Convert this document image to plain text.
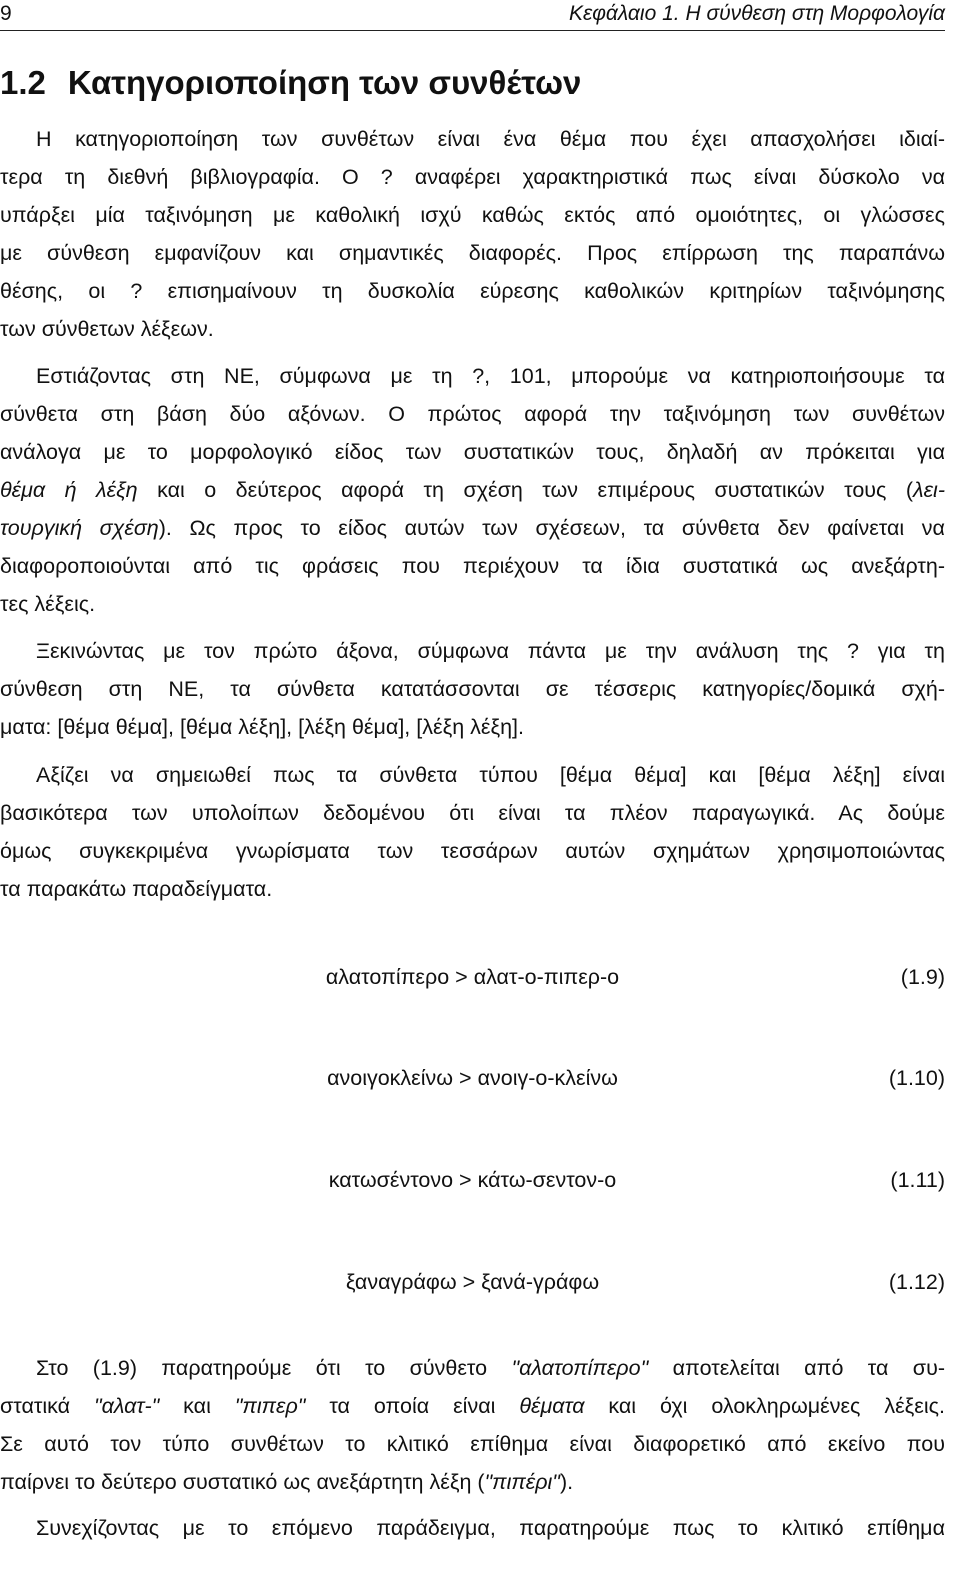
9	Κεφάλαιο 1. Η σύνθεση στη Μορφολογία
1.2 Κατηγοριοποίηση των συνθέτων
Η κατηγοριοποίηση των συνθέτων είναι ένα θέμα που έχει απασχολήσει ιδιαί-
τερα τη διεθνή βιβλιογραφία. Ο ? αναφέρει χαρακτηριστικά πως είναι δύσκολο να
υπάρξει μία ταξινόμηση με καθολική ισχύ καθώς εκτός από ομοιότητες, οι γλώσσες
με σύνθεση εμφανίζουν και σημαντικές διαφορές. Προς επίρρωση της παραπάνω
θέσης, οι ? επισημαίνουν τη δυσκολία εύρεσης καθολικών κριτηρίων ταξινόμησης
των σύνθετων λέξεων.
Εστιάζοντας στη ΝΕ, σύμφωνα με τη ?, 101, μπορούμε να κατηριοποιήσουμε τα
σύνθετα στη βάση δύο αξόνων. Ο πρώτος αφορά την ταξινόμηση των συνθέτων
ανάλογα με το μορφολογικό είδος των συστατικών τους, δηλαδή αν πρόκειται για
θέμα ή λέξη και ο δεύτερος αφορά τη σχέση των επιμέρους συστατικών τους (λει-
τουργική σχέση). Ως προς το είδος αυτών των σχέσεων, τα σύνθετα δεν φαίνεται να
διαφοροποιούνται από τις φράσεις που περιέχουν τα ίδια συστατικά ως ανεξάρτη-
τες λέξεις.
Ξεκινώντας με τον πρώτο άξονα, σύμφωνα πάντα με την ανάλυση της ? για τη
σύνθεση στη ΝΕ, τα σύνθετα κατατάσσονται σε τέσσερις κατηγορίες/δομικά σχή-
ματα: [θέμα θέμα], [θέμα λέξη], [λέξη θέμα], [λέξη λέξη].
Αξίζει να σημειωθεί πως τα σύνθετα τύπου [θέμα θέμα] και [θέμα λέξη] είναι
βασικότερα των υπολοίπων δεδομένου ότι είναι τα πλέον παραγωγικά. Ας δούμε
όμως συγκεκριμένα γνωρίσματα των τεσσάρων αυτών σχημάτων χρησιμοποιώντας
τα παρακάτω παραδείγματα.
αλατοπίπερο > αλατ-ο-πιπερ-ο	(1.9)
ανοιγοκλείνω > ανοιγ-ο-κλείνω	(1.10)
κατωσέντονο > κάτω-σεντον-ο	(1.11)
ξαναγράφω > ξανά-γράφω	(1.12)
Στο (1.9) παρατηρούμε ότι το σύνθετο "αλατοπίπερο" αποτελείται από τα συ-
στατικά "αλατ-" και "πιπερ" τα οποία είναι θέματα και όχι ολοκληρωμένες λέξεις.
Σε αυτό τον τύπο συνθέτων το κλιτικό επίθημα είναι διαφορετικό από εκείνο που
παίρνει το δεύτερο συστατικό ως ανεξάρτητη λέξη ("πιπέρι").
Συνεχίζοντας με το επόμενο παράδειγμα, παρατηρούμε πως το κλιτικό επίθημα
